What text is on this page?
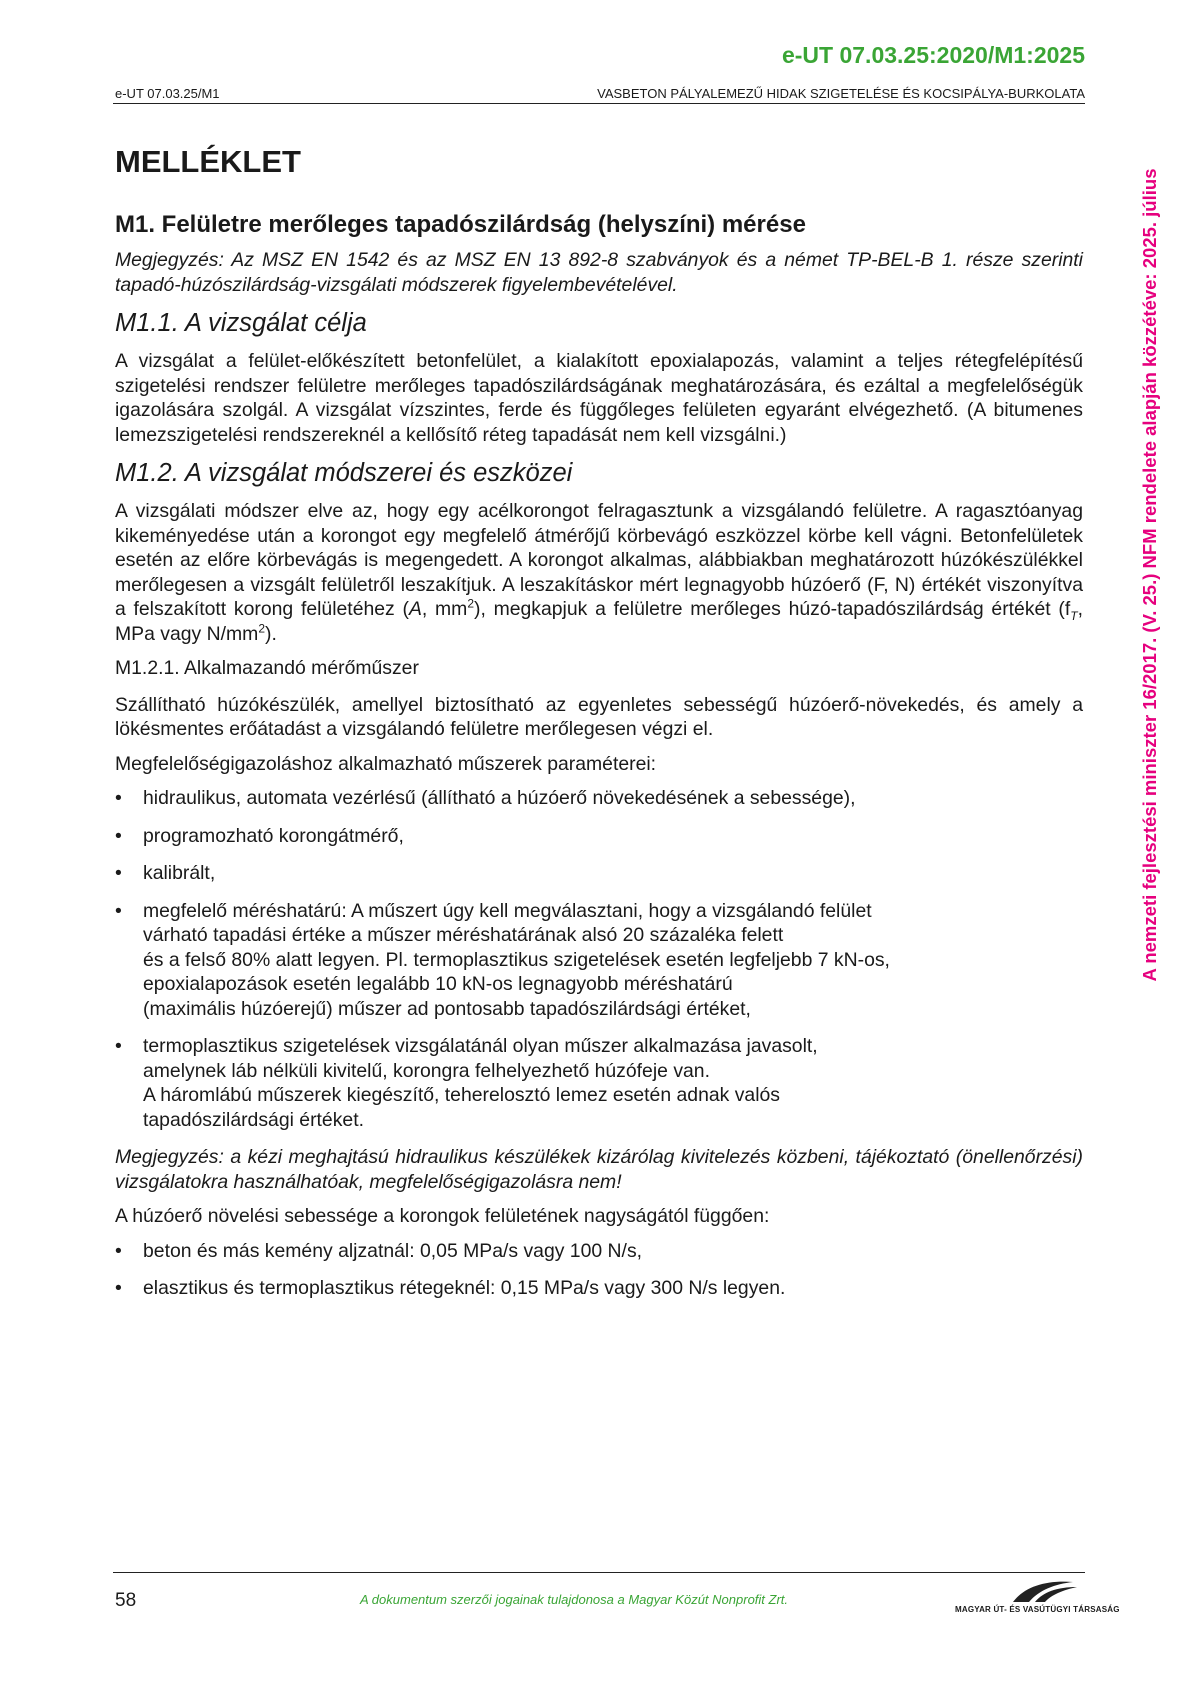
e-UT 07.03.25:2020/M1:2025
e-UT 07.03.25/M1	VASBETON PÁLYALEMEZŰ HIDAK SZIGETELÉSE ÉS KOCSIPÁLYA-BURKOLATA
A nemzeti fejlesztési miniszter 16/2017. (V. 25.) NFM rendelete alapján közzétéve: 2025. július
MELLÉKLET
M1. Felületre merőleges tapadószilárdság (helyszíni) mérése

Megjegyzés: Az MSZ EN 1542 és az MSZ EN 13 892-8 szabványok és a német TP-BEL-B 1. része szerinti tapadó-húzószilárdság-vizsgálati módszerek figyelembevételével.

M1.1. A vizsgálat célja

A vizsgálat a felület-előkészített betonfelület, a kialakított epoxialapozás, valamint a teljes rétegfelépítésű szigetelési rendszer felületre merőleges tapadószilárdságának meghatározására, és ezáltal a megfelelőségük igazolására szolgál. A vizsgálat vízszintes, ferde és függőleges felületen egyaránt elvégezhető. (A bitumenes lemezszigetelési rendszereknél a kellősítő réteg tapadását nem kell vizsgálni.)

M1.2. A vizsgálat módszerei és eszközei

A vizsgálati módszer elve az, hogy egy acélkorongot felragasztunk a vizsgálandó felületre. A ragasztóanyag kikeményedése után a korongot egy megfelelő átmérőjű körbevágó eszközzel körbe kell vágni. Betonfelületek esetén az előre körbevágás is megengedett. A korongot alkalmas, alábbiakban meghatározott húzókészülékkel merőlegesen a vizsgált felületről leszakítjuk. A leszakításkor mért legnagyobb húzóerő (F, N) értékét viszonyítva a felszakított korong felületéhez (A, $mm^2$), megkapjuk a felületre merőleges húzó-tapadószilárdság értékét ($f_T$, MPa vagy $N/mm^2$).

M1.2.1. Alkalmazandó mérőműszer

Szállítható húzókészülék, amellyel biztosítható az egyenletes sebességű húzóerő-növekedés, és amely a lökésmentes erőátadást a vizsgálandó felületre merőlegesen végzi el.

Megfelelőségigazoláshoz alkalmazható műszerek paraméterei:

• hidraulikus, automata vezérlésű (állítható a húzóerő növekedésének a sebessége),
• programozható korongátmérő,
• kalibrált,
• megfelelő méréshatárú: A műszert úgy kell megválasztani, hogy a vizsgálandó felület
várható tapadási értéke a műszer méréshatárának alsó 20 százaléka felett
és a felső 80% alatt legyen. Pl. termoplasztikus szigetelések esetén legfeljebb 7 kN-os,
epoxialapozások esetén legalább 10 kN-os legnagyobb méréshatárú
(maximális húzóerejű) műszer ad pontosabb tapadószilárdsági értéket,
• termoplasztikus szigetelések vizsgálatánál olyan műszer alkalmazása javasolt,
amelynek láb nélküli kivitelű, korongra felhelyezhető húzófeje van.
A háromlábú műszerek kiegészítő, teherelosztó lemez esetén adnak valós
tapadószilárdsági értéket.

Megjegyzés: a kézi meghajtású hidraulikus készülékek kizárólag kivitelezés közbeni, tájékoztató (önellenőrzési) vizsgálatokra használhatóak, megfelelőségigazolásra nem!

A húzóerő növelési sebessége a korongok felületének nagyságától függően:

• beton és más kemény aljzatnál: 0,05 MPa/s vagy 100 N/s,
• elasztikus és termoplasztikus rétegeknél: 0,15 MPa/s vagy 300 N/s legyen.
58	A dokumentum szerzői jogainak tulajdonosa a Magyar Közút Nonprofit Zrt.
MAGYAR ÚT- ÉS VASÚTÜGYI TÁRSASÁG
